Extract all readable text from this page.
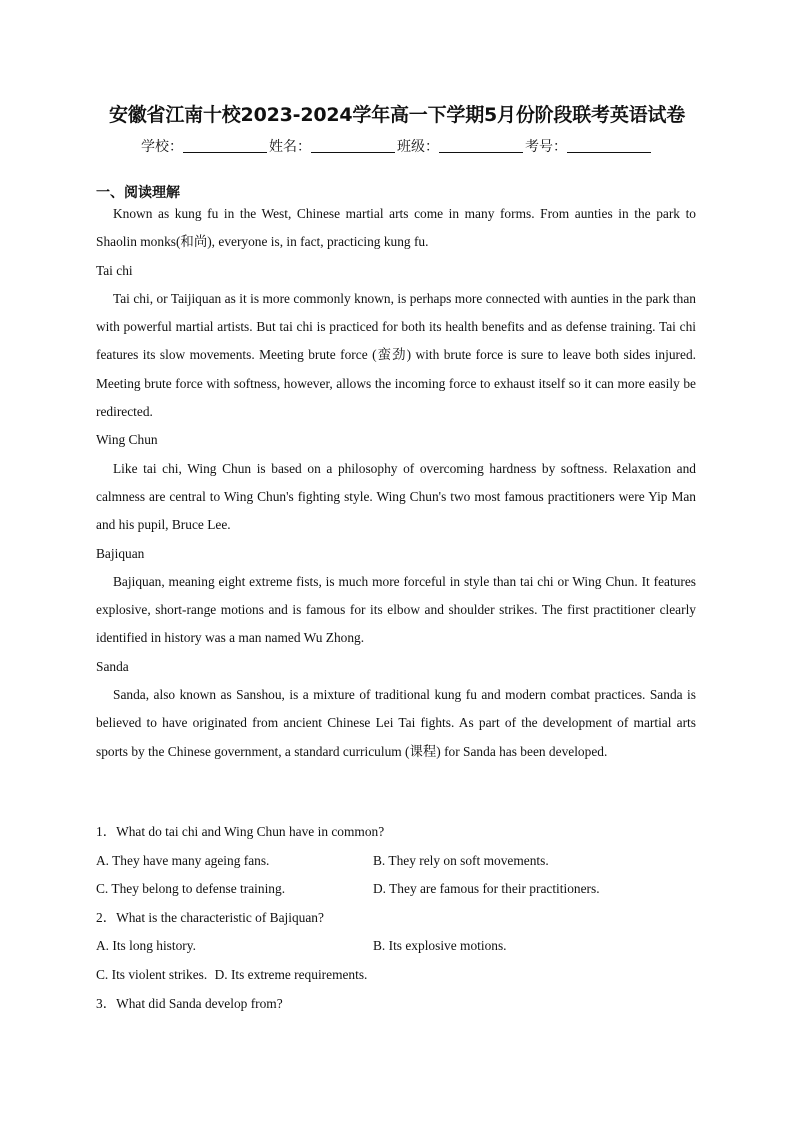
安徽省江南十校2023-2024学年高一下学期5月份阶段联考英语试卷
学校：	姓名：	班级：	考号：
一、阅读理解

Known as kung fu in the West, Chinese martial arts come in many forms. From aunties in the park to Shaolin monks(和尚), everyone is, in fact, practicing kung fu.

Tai chi

Tai chi, or Taijiquan as it is more commonly known, is perhaps more connected with aunties in the park than with powerful martial artists. But tai chi is practiced for both its health benefits and as defense training. Tai chi features its slow movements. Meeting brute force (蛮劲) with brute force is sure to leave both sides injured. Meeting brute force with softness, however, allows the incoming force to exhaust itself so it can more easily be redirected.

Wing Chun

Like tai chi, Wing Chun is based on a philosophy of overcoming hardness by softness. Relaxation and calmness are central to Wing Chun's fighting style. Wing Chun's two most famous practitioners were Yip Man and his pupil, Bruce Lee.

Bajiquan

Bajiquan, meaning eight extreme fists, is much more forceful in style than tai chi or Wing Chun. It features explosive, short-range motions and is famous for its elbow and shoulder strikes. The first practitioner clearly identified in history was a man named Wu Zhong.

Sanda

Sanda, also known as Sanshou, is a mixture of traditional kung fu and modern combat practices. Sanda is believed to have originated from ancient Chinese Lei Tai fights. As part of the development of martial arts sports by the Chinese government, a standard curriculum (课程) for Sanda has been developed.

1．What do tai chi and Wing Chun have in common?

A. They have many ageing fans.	B. They rely on soft movements.
C. They belong to defense training.	D. They are famous for their practitioners.

2．What is the characteristic of Bajiquan?

A. Its long history.	B. Its explosive motions.
C. Its violent strikes. D. Its extreme requirements.

3．What did Sanda develop from?
